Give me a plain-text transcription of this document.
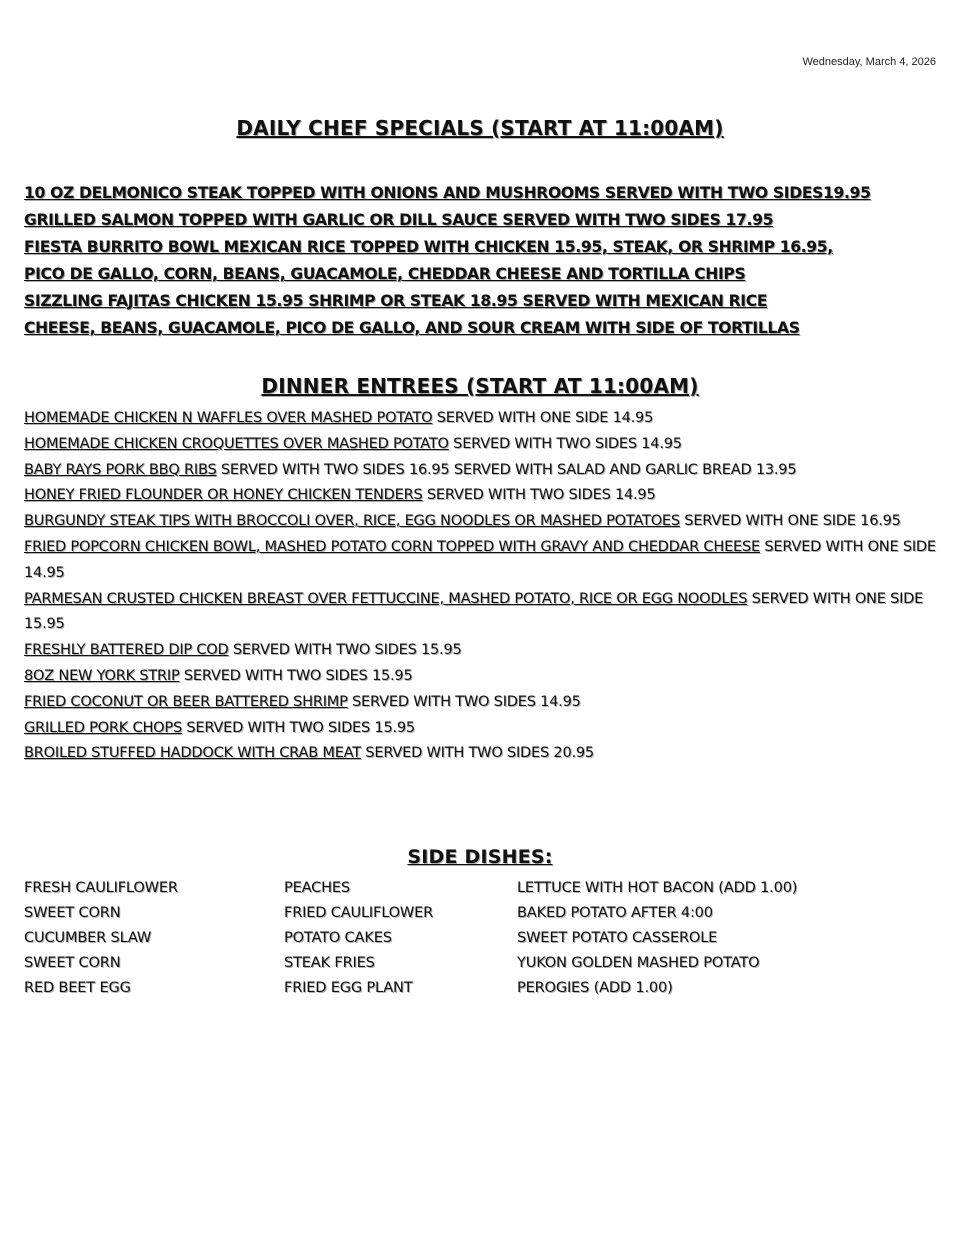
Wednesday, March 4, 2026
DAILY CHEF SPECIALS (START AT 11:00AM)
10 OZ DELMONICO STEAK TOPPED WITH ONIONS AND MUSHROOMS SERVED WITH TWO SIDES19.95
GRILLED SALMON TOPPED WITH GARLIC OR DILL SAUCE SERVED WITH TWO SIDES 17.95
FIESTA BURRITO BOWL MEXICAN RICE TOPPED WITH CHICKEN 15.95, STEAK, OR SHRIMP 16.95,
PICO DE GALLO, CORN, BEANS, GUACAMOLE, CHEDDAR CHEESE AND TORTILLA CHIPS
SIZZLING FAJITAS CHICKEN 15.95 SHRIMP OR STEAK 18.95 SERVED WITH MEXICAN RICE
CHEESE, BEANS, GUACAMOLE, PICO DE GALLO, AND SOUR CREAM WITH SIDE OF TORTILLAS
DINNER ENTREES (START AT 11:00AM)
HOMEMADE CHICKEN N WAFFLES OVER MASHED POTATO SERVED WITH ONE SIDE 14.95
HOMEMADE CHICKEN CROQUETTES OVER MASHED POTATO SERVED WITH TWO SIDES 14.95
BABY RAYS PORK BBQ RIBS SERVED WITH TWO SIDES 16.95 SERVED WITH SALAD AND GARLIC BREAD 13.95
HONEY FRIED FLOUNDER OR HONEY CHICKEN TENDERS SERVED WITH TWO SIDES 14.95
BURGUNDY STEAK TIPS WITH BROCCOLI OVER, RICE, EGG NOODLES OR MASHED POTATOES SERVED WITH ONE SIDE 16.95
FRIED POPCORN CHICKEN BOWL, MASHED POTATO CORN TOPPED WITH GRAVY AND CHEDDAR CHEESE SERVED WITH ONE SIDE 14.95
PARMESAN CRUSTED CHICKEN BREAST OVER FETTUCCINE, MASHED POTATO, RICE OR EGG NOODLES SERVED WITH ONE SIDE 15.95
FRESHLY BATTERED DIP COD SERVED WITH TWO SIDES 15.95
8OZ NEW YORK STRIP SERVED WITH TWO SIDES 15.95
FRIED COCONUT OR BEER BATTERED SHRIMP SERVED WITH TWO SIDES 14.95
GRILLED PORK CHOPS SERVED WITH TWO SIDES 15.95
BROILED STUFFED HADDOCK WITH CRAB MEAT SERVED WITH TWO SIDES 20.95
SIDE DISHES:
FRESH CAULIFLOWER	PEACHES	LETTUCE WITH HOT BACON (ADD 1.00)
SWEET CORN	FRIED CAULIFLOWER	BAKED POTATO AFTER 4:00
CUCUMBER SLAW	POTATO CAKES	SWEET POTATO CASSEROLE
SWEET CORN	STEAK FRIES	YUKON GOLDEN MASHED POTATO
RED BEET EGG	FRIED EGG PLANT	PEROGIES (ADD 1.00)
